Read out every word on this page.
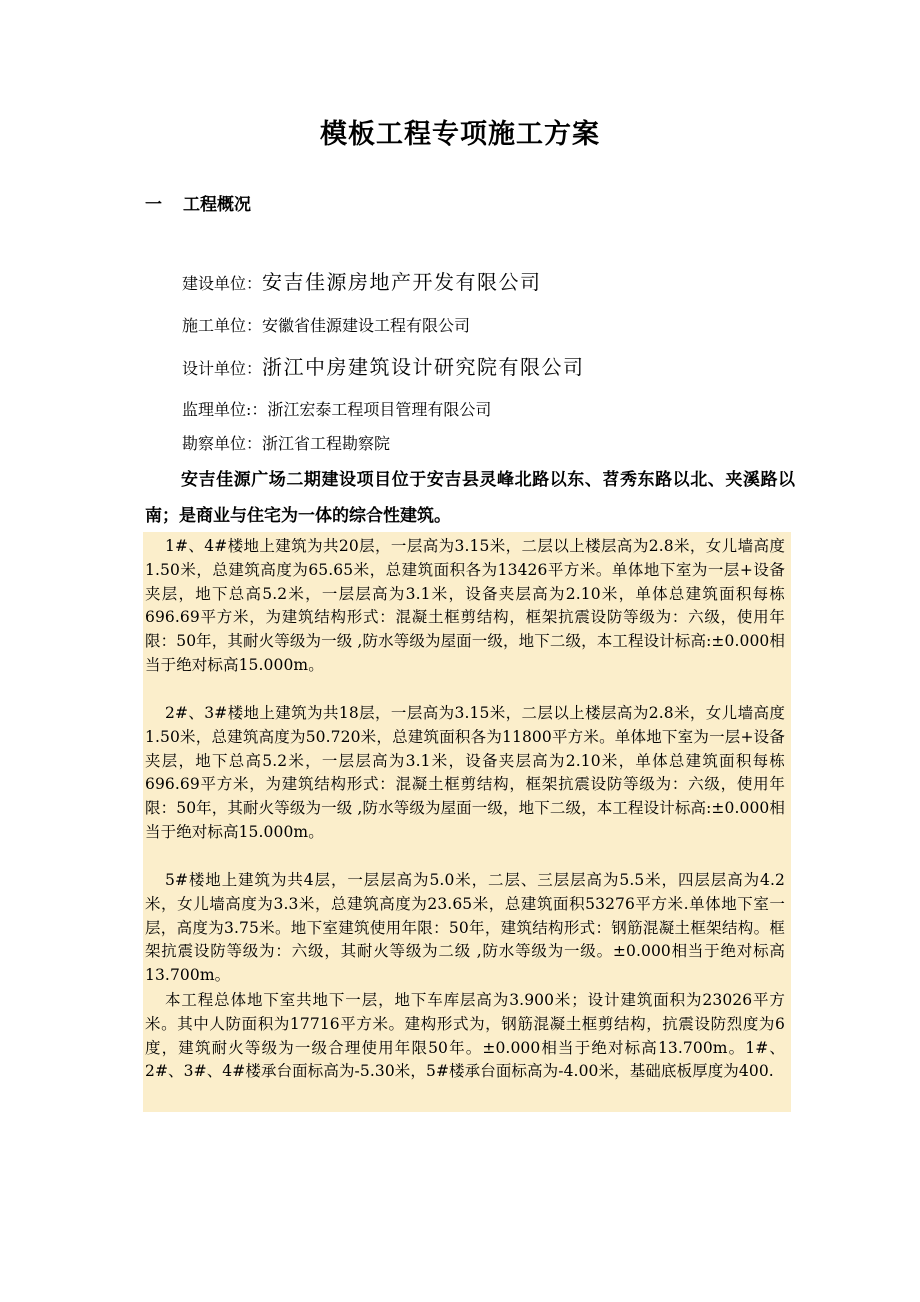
模板工程专项施工方案
一 工程概况
建设单位：安吉佳源房地产开发有限公司
施工单位：安徽省佳源建设工程有限公司
设计单位：浙江中房建筑设计研究院有限公司
监理单位:：浙江宏泰工程项目管理有限公司
勘察单位：浙江省工程勘察院
安吉佳源广场二期建设项目位于安吉县灵峰北路以东、苕秀东路以北、夹溪路以南；是商业与住宅为一体的综合性建筑。
1#、4#楼地上建筑为共20层，一层高为3.15米，二层以上楼层高为2.8米，女儿墙高度1.50米，总建筑高度为65.65米，总建筑面积各为13426平方米。单体地下室为一层+设备夹层，地下总高5.2米，一层层高为3.1米，设备夹层高为2.10米，单体总建筑面积每栋696.69平方米，为建筑结构形式：混凝土框剪结构，框架抗震设防等级为：六级，使用年限：50年，其耐火等级为一级 ,防水等级为屋面一级，地下二级，本工程设计标高:±0.000相当于绝对标高15.000m。
2#、3#楼地上建筑为共18层，一层高为3.15米，二层以上楼层高为2.8米，女儿墙高度1.50米，总建筑高度为50.720米，总建筑面积各为11800平方米。单体地下室为一层+设备夹层，地下总高5.2米，一层层高为3.1米，设备夹层高为2.10米，单体总建筑面积每栋696.69平方米，为建筑结构形式：混凝土框剪结构，框架抗震设防等级为：六级，使用年限：50年，其耐火等级为一级 ,防水等级为屋面一级，地下二级，本工程设计标高:±0.000相当于绝对标高15.000m。
5#楼地上建筑为共4层，一层层高为5.0米，二层、三层层高为5.5米，四层层高为4.2米，女儿墙高度为3.3米，总建筑高度为23.65米，总建筑面积53276平方米.单体地下室一层，高度为3.75米。地下室建筑使用年限：50年，建筑结构形式：钢筋混凝土框架结构。框架抗震设防等级为：六级，其耐火等级为二级 ,防水等级为一级。±0.000相当于绝对标高13.700m。
本工程总体地下室共地下一层，地下车库层高为3.900米；设计建筑面积为23026平方米。其中人防面积为17716平方米。建构形式为，钢筋混凝土框剪结构，抗震设防烈度为6度，建筑耐火等级为一级合理使用年限50年。±0.000相当于绝对标高13.700m。1#、2#、3#、4#楼承台面标高为-5.30米，5#楼承台面标高为-4.00米，基础底板厚度为400.
